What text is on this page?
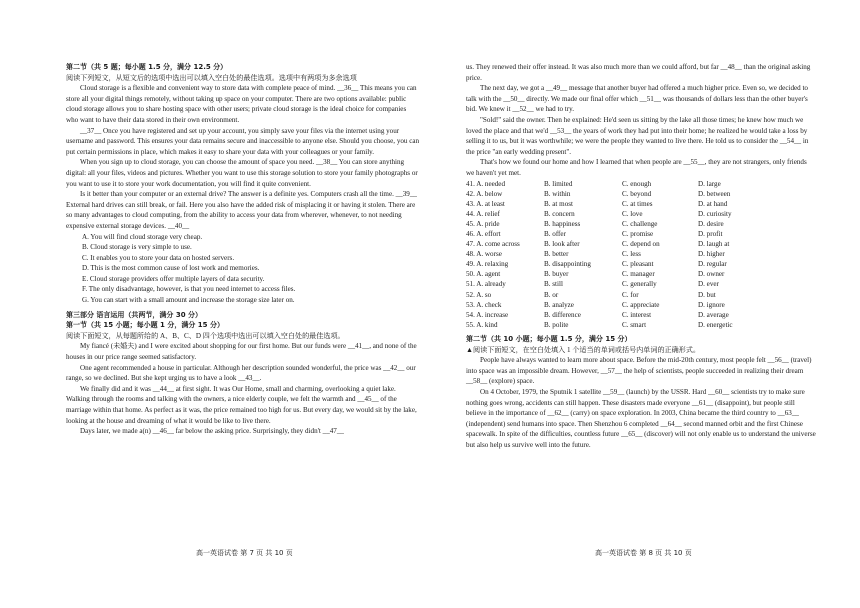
第二节（共 5 题；每小题 1.5 分，满分 12.5 分）

阅读下列短文，从短文后的选项中选出可以填入空白处的最佳选项。选项中有两项为多余选项

Cloud storage is a flexible and convenient way to store data with complete peace of mind. __36__ This means you can store all your digital things remotely, without taking up space on your computer. There are two options available: public cloud storage allows you to share hosting space with other users; private cloud storage is the ideal choice for companies who want to have their data stored in their own environment.

__37__ Once you have registered and set up your account, you simply save your files via the internet using your username and password. This ensures your data remains secure and inaccessible to anyone else. Should you choose, you can put certain permissions in place, which makes it easy to share your data with your colleagues or your family.

When you sign up to cloud storage, you can choose the amount of space you need. __38__ You can store anything digital: all your files, videos and pictures. Whether you want to use this storage solution to store your family photographs or you want to use it to store your work documentation, you will find it quite convenient.

Is it better than your computer or an external drive? The answer is a definite yes. Computers crash all the time. __39__ External hard drives can still break, or fail. Here you also have the added risk of misplacing it or having it stolen. There are so many advantages to cloud computing, from the ability to access your data from wherever, whenever, to not needing expensive external storage devices. __40__

A. You will find cloud storage very cheap.

B. Cloud storage is very simple to use.

C. It enables you to store your data on hosted servers.

D. This is the most common cause of lost work and memories.

E. Cloud storage providers offer multiple layers of data security.

F. The only disadvantage, however, is that you need internet to access files.

G. You can start with a small amount and increase the storage size later on.

第三部分 语言运用（共两节，满分 30 分）

第一节（共 15 小题；每小题 1 分，满分 15 分）

阅读下面短文，从每题所给的 A、B、C、D 四个选项中选出可以填入空白处的最佳选项。

My fiancé (未婚夫) and I were excited about shopping for our first home. But our funds were __41__, and none of the houses in our price range seemed satisfactory.

One agent recommended a house in particular. Although her description sounded wonderful, the price was __42__ our range, so we declined. But she kept urging us to have a look __43__.

We finally did and it was __44__ at first sight. It was Our Home, small and charming, overlooking a quiet lake. Walking through the rooms and talking with the owners, a nice elderly couple, we felt the warmth and __45__ of the marriage within that home. As perfect as it was, the price remained too high for us. But every day, we would sit by the lake, looking at the house and dreaming of what it would be like to live there.

Days later, we made a(n) __46__ far below the asking price. Surprisingly, they didn't __47__

高一英语试卷 第 7 页 共 10 页

us. They renewed their offer instead. It was also much more than we could afford, but far __48__ than the original asking price.

The next day, we got a __49__ message that another buyer had offered a much higher price. Even so, we decided to talk with the __50__ directly. We made our final offer which __51__ was thousands of dollars less than the other buyer's bid. We knew it __52__ we had to try.

"Sold!" said the owner. Then he explained: He'd seen us sitting by the lake all those times; he knew how much we loved the place and that we'd __53__ the years of work they had put into their home; he realized he would take a loss by selling it to us, but it was worthwhile; we were the people they wanted to live there. He told us to consider the __54__ in the price "an early wedding present".

That's how we found our home and how I learned that when people are __55__, they are not strangers, only friends we haven't yet met.

41. A. needed	B. limited	C. enough	D. large
42. A. below	B. within	C. beyond	D. between
43. A. at least	B. at most	C. at times	D. at hand
44. A. relief	B. concern	C. love	D. curiosity
45. A. pride	B. happiness	C. challenge	D. desire
46. A. effort	B. offer	C. promise	D. profit
47. A. come across	B. look after	C. depend on	D. laugh at
48. A. worse	B. better	C. less	D. higher
49. A. relaxing	B. disappointing	C. pleasant	D. regular
50. A. agent	B. buyer	C. manager	D. owner
51. A. already	B. still	C. generally	D. ever
52. A. so	B. or	C. for	D. but
53. A. check	B. analyze	C. appreciate	D. ignore
54. A. increase	B. difference	C. interest	D. average
55. A. kind	B. polite	C. smart	D. energetic

第二节（共 10 小题；每小题 1.5 分，满分 15 分）

▲阅读下面短文，在空白处填入 1 个适当的单词或括号内单词的正确形式。

People have always wanted to learn more about space. Before the mid-20th century, most people felt __56__ (travel) into space was an impossible dream. However, __57__ the help of scientists, people succeeded in realizing their dream __58__ (explore) space.

On 4 October, 1979, the Sputnik 1 satellite __59__ (launch) by the USSR. Hard __60__ scientists try to make sure nothing goes wrong, accidents can still happen. These disasters made everyone __61__ (disappoint), but people still believe in the importance of __62__ (carry) on space exploration. In 2003, China became the third country to __63__ (independent) send humans into space. Then Shenzhou 6 completed __64__ second manned orbit and the first Chinese spacewalk. In spite of the difficulties, countless future __65__ (discover) will not only enable us to understand the universe but also help us survive well into the future.

高一英语试卷 第 8 页 共 10 页
